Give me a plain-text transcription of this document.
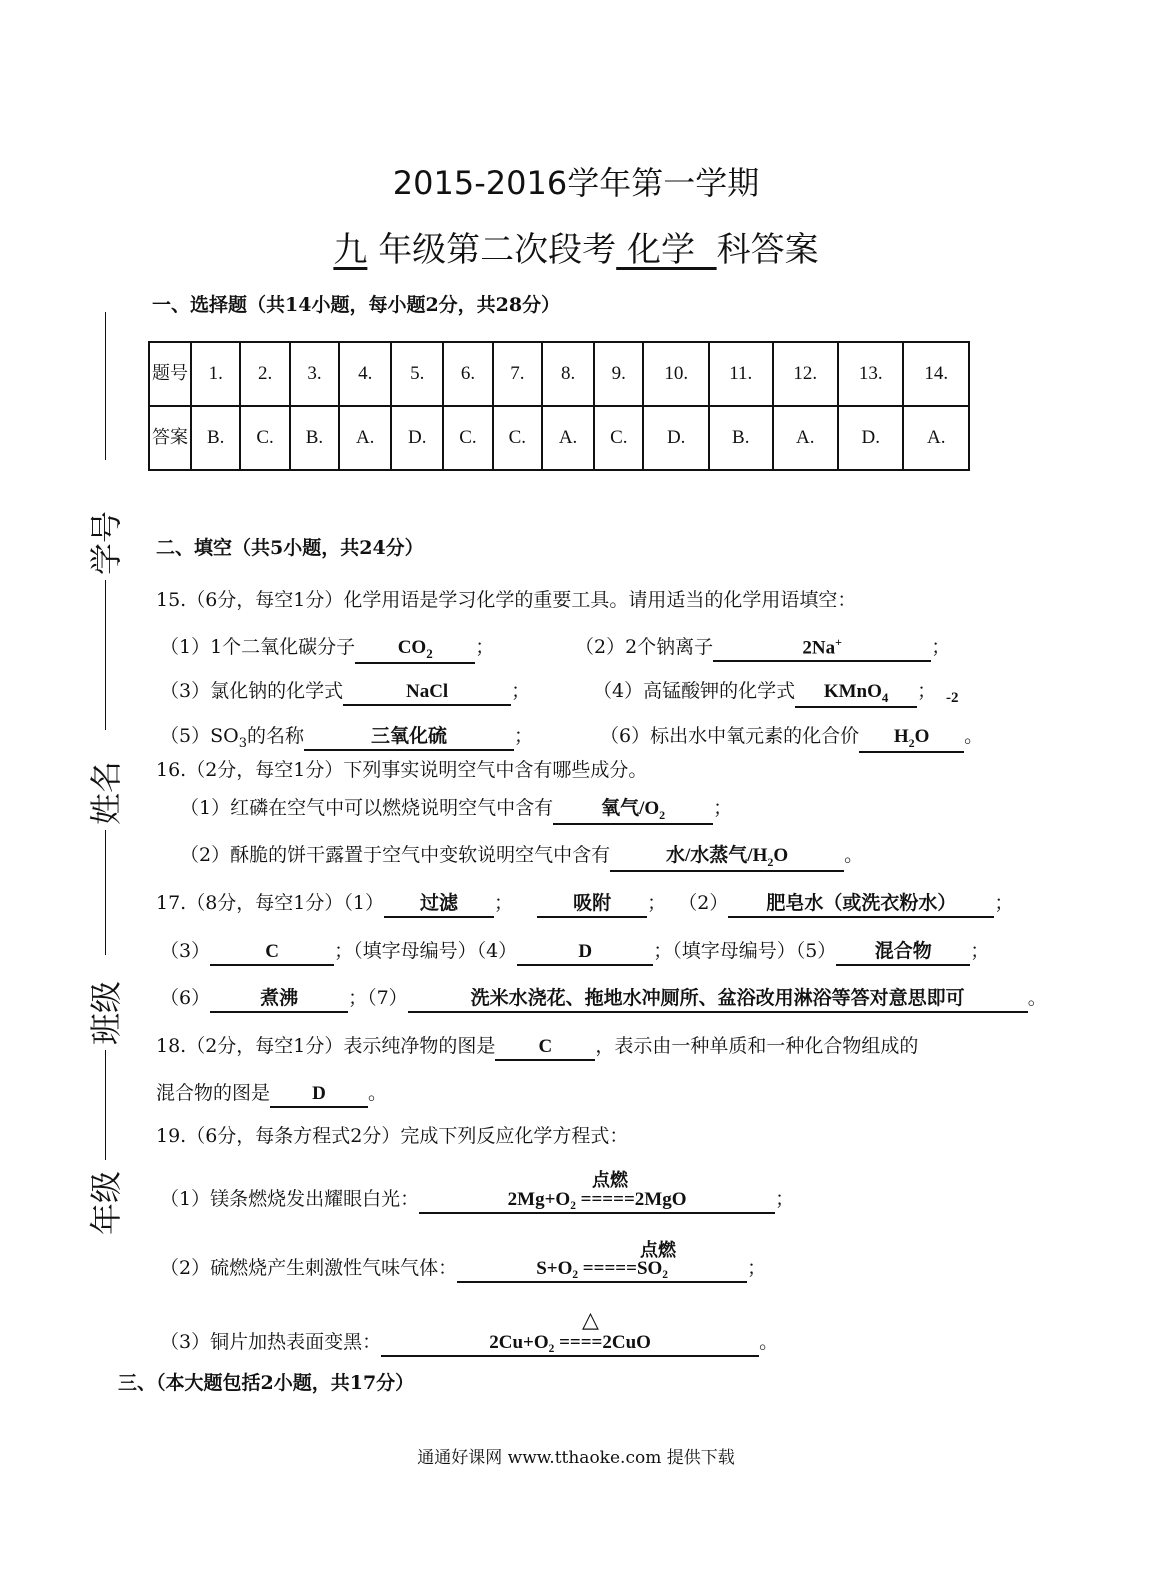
2015-2016学年第一学期
九 年级第二次段考 化学 科答案
学号
姓名
班级
年级
一、选择题（共14小题，每小题2分，共28分）
题号	1.	2.	3.	4.	5.	6.	7.	8.	9.	10.	11.	12.	13.	14.
答案	B.	C.	B.	A.	D.	C.	C.	A.	C.	D.	B.	A.	D.	A.
二、填空（共5小题，共24分）
15.（6分，每空1分）化学用语是学习化学的重要工具。请用适当的化学用语填空：
（1）1个二氧化碳分子 $CO_2$ ；	（2）2个钠离子	2Na+	；
（3）氯化钠的化学式	NaCl	；	（4）高锰酸钾的化学式 KMnO$_4$ ； -2
$(5)SO_3$的名称	三氧化硫	；	（6）标出水中氧元素的化合价 $H_2O$ 。
16.（2分，每空1分）下列事实说明空气中含有哪些成分。
（1）红磷在空气中可以燃烧说明空气中含有	氧气$/O_2$	；
（2）酥脆的饼干露置于空气中变软说明空气中含有	水/水蒸气$/H_2O$	。
17.（8分，每空1分）（1） 过滤 ；	吸附 ； （2） 肥皂水（或洗衣粉水） ；
（3）	C	；（填字母编号）（4）	D	；（填字母编号）（5） 混合物 ；
（6）	煮沸	；（7）	洗米水浇花、拖地水冲厕所、盆浴改用淋浴等答对意思即可	。
18.（2分，每空1分）表示纯净物的图是 C ，表示由一种单质和一种化合物组成的
混合物的图是 D 。
19.（6分，每条方程式2分）完成下列反应化学方程式：
点燃
（1）镁条燃烧发出耀眼白光：	2Mg+O₂ =====2MgO	；
点燃
（2）硫燃烧产生刺激性气味气体：	S+O₂ =====SO₂	；
△
（3）铜片加热表面变黑：	2Cu+O₂ ====2CuO	。
三、（本大题包括2小题，共17分）
通通好课网 www.tthaoke.com 提供下载
